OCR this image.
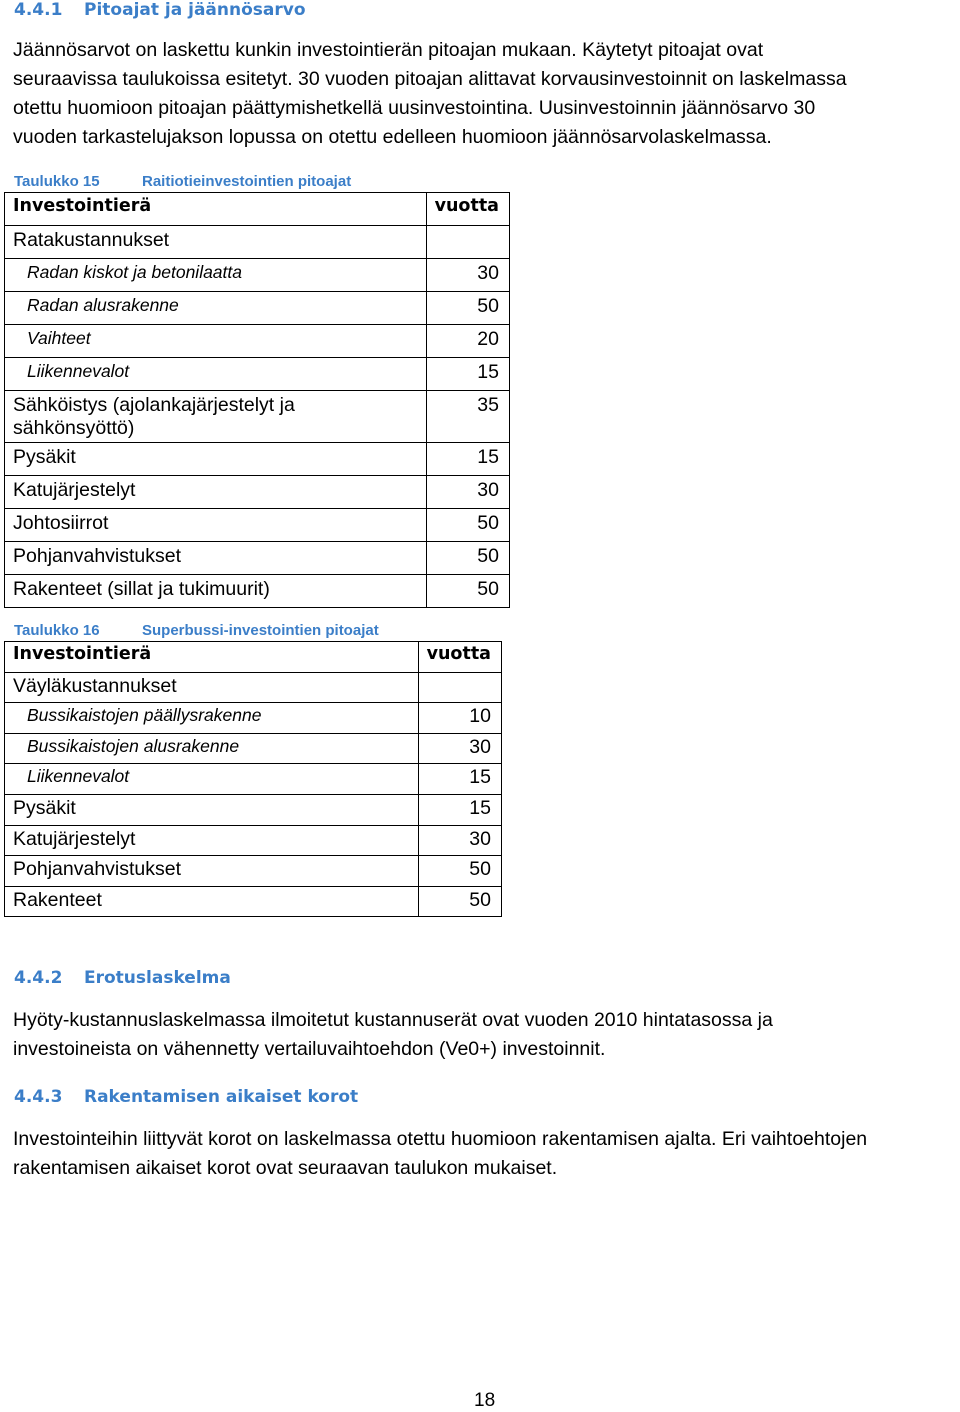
4.4.1 Pitoajat ja jäännösarvo

Jäännösarvot on laskettu kunkin investointierän pitoajan mukaan. Käytetyt pitoajat ovat
seuraavissa taulukoissa esitetyt. 30 vuoden pitoajan alittavat korvausinvestoinnit on laskelmassa
otettu huomioon pitoajan päättymishetkellä uusinvestointina. Uusinvestoinnin jäännösarvo 30
vuoden tarkastelujakson lopussa on otettu edelleen huomioon jäännösarvolaskelmassa.

Taulukko 15	Raitiotieinvestointien pitoajat

Investointierä	vuotta
Ratakustannukset	
Radan kiskot ja betonilaatta	30
Radan alusrakenne	50
Vaihteet	20
Liikennevalot	15
Sähköistys (ajolankajärjestelyt ja sähkönsyöttö)	35
Pysäkit	15
Katujärjestelyt	30
Johtosiirrot	50
Pohjanvahvistukset	50
Rakenteet (sillat ja tukimuurit)	50

Taulukko 16	Superbussi-investointien pitoajat

Investointierä	vuotta
Väyläkustannukset	
Bussikaistojen päällysrakenne	10
Bussikaistojen alusrakenne	30
Liikennevalot	15
Pysäkit	15
Katujärjestelyt	30
Pohjanvahvistukset	50
Rakenteet	50
4.4.2 Erotuslaskelma

Hyöty-kustannuslaskelmassa ilmoitetut kustannuserät ovat vuoden 2010 hintatasossa ja
investoineista on vähennetty vertailuvaihtoehdon (Ve0+) investoinnit.

4.4.3 Rakentamisen aikaiset korot

Investointeihin liittyvät korot on laskelmassa otettu huomioon rakentamisen ajalta. Eri vaihtoehtojen
rakentamisen aikaiset korot ovat seuraavan taulukon mukaiset.

18
